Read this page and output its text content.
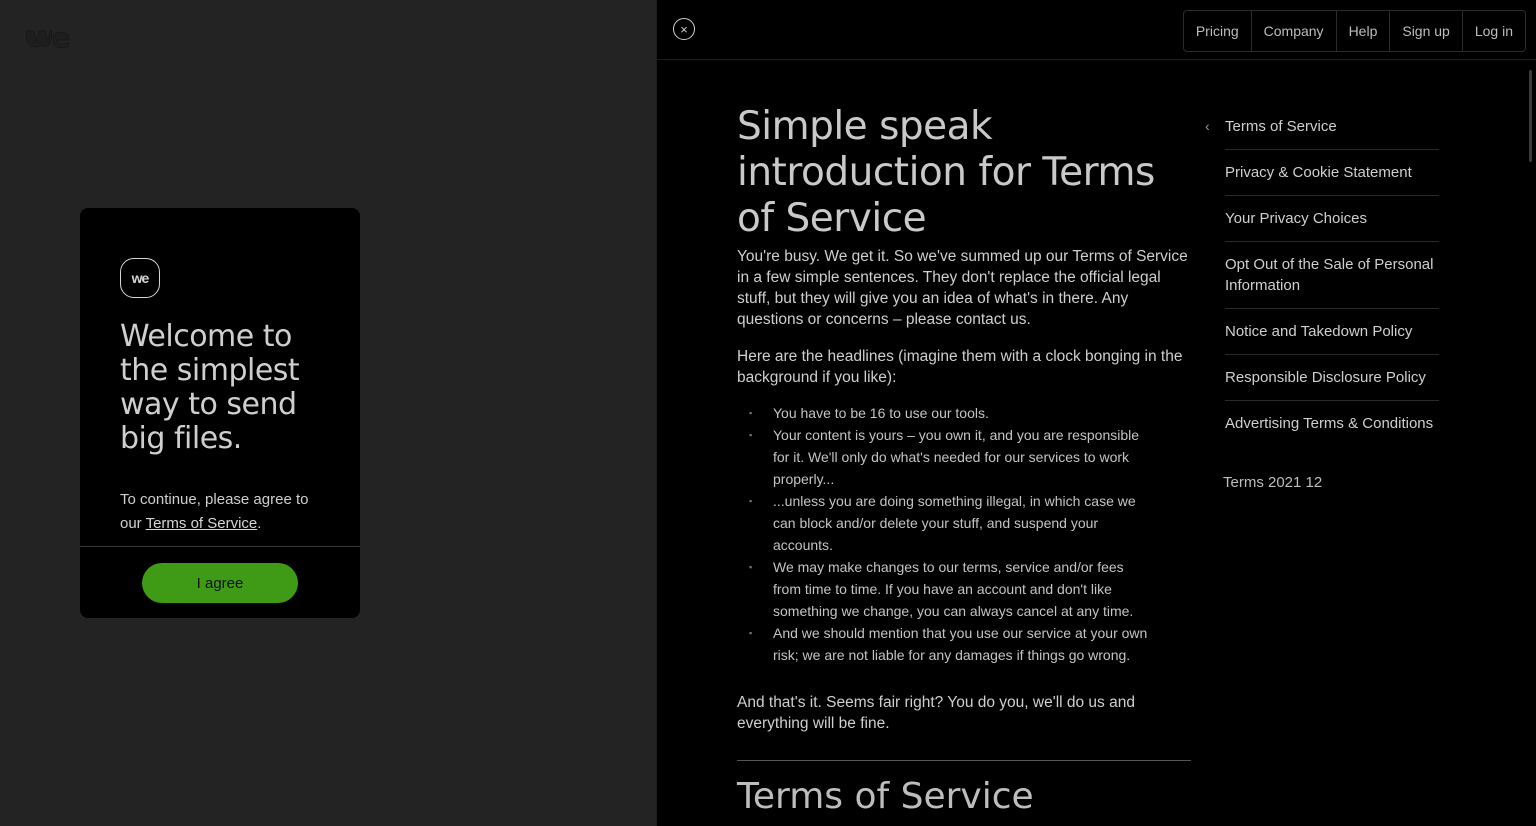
we
Welcome to the simplest way to send big files.
To continue, please agree to our Terms of Service.
I agree
×	Pricing	Company	Help	Sign up	Log in
Simple speak introduction for Terms of Service

You're busy. We get it. So we've summed up our Terms of Service in a few simple sentences. They don't replace the official legal stuff, but they will give you an idea of what's in there. Any questions or concerns – please contact us.

Here are the headlines (imagine them with a clock bonging in the background if you like):

▪ You have to be 16 to use our tools.
▪ Your content is yours – you own it, and you are responsible for it. We'll only do what's needed for our services to work properly...
▪ ...unless you are doing something illegal, in which case we can block and/or delete your stuff, and suspend your accounts.
▪ We may make changes to our terms, service and/or fees from time to time. If you have an account and don't like something we change, you can always cancel at any time.
▪ And we should mention that you use our service at your own risk; we are not liable for any damages if things go wrong.

And that's it. Seems fair right? You do you, we'll do us and everything will be fine.

Terms of Service
‹ Terms of Service
Privacy & Cookie Statement
Your Privacy Choices
Opt Out of the Sale of Personal Information
Notice and Takedown Policy
Responsible Disclosure Policy
Advertising Terms & Conditions
Terms 2021 12
